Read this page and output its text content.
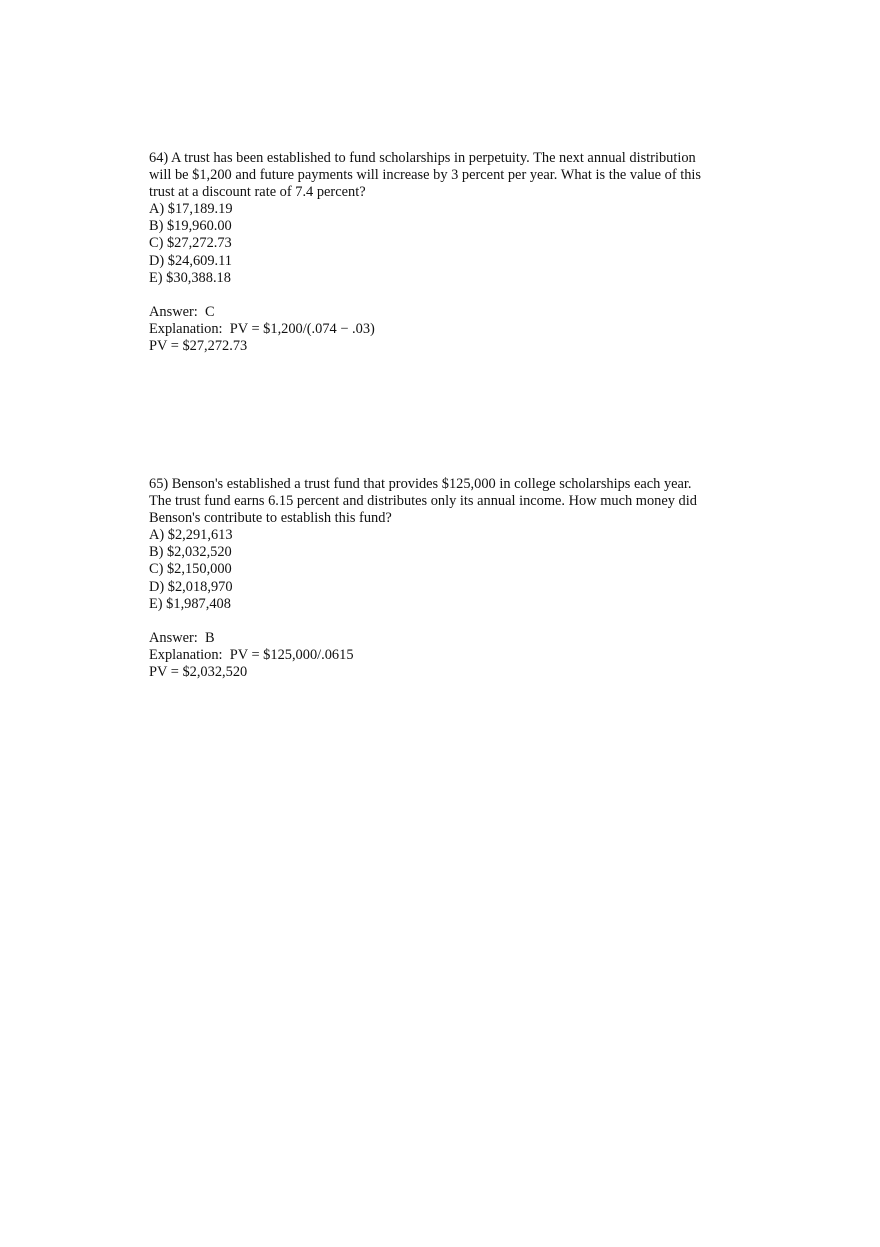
64) A trust has been established to fund scholarships in perpetuity. The next annual distribution
will be $1,200 and future payments will increase by 3 percent per year. What is the value of this
trust at a discount rate of 7.4 percent?
A) $17,189.19
B) $19,960.00
C) $27,272.73
D) $24,609.11
E) $30,388.18
Answer:  C
Explanation:  PV = $1,200/(.074 − .03)
PV = $27,272.73
65) Benson's established a trust fund that provides $125,000 in college scholarships each year.
The trust fund earns 6.15 percent and distributes only its annual income. How much money did
Benson's contribute to establish this fund?
A) $2,291,613
B) $2,032,520
C) $2,150,000
D) $2,018,970
E) $1,987,408
Answer:  B
Explanation:  PV = $125,000/.0615
PV = $2,032,520
